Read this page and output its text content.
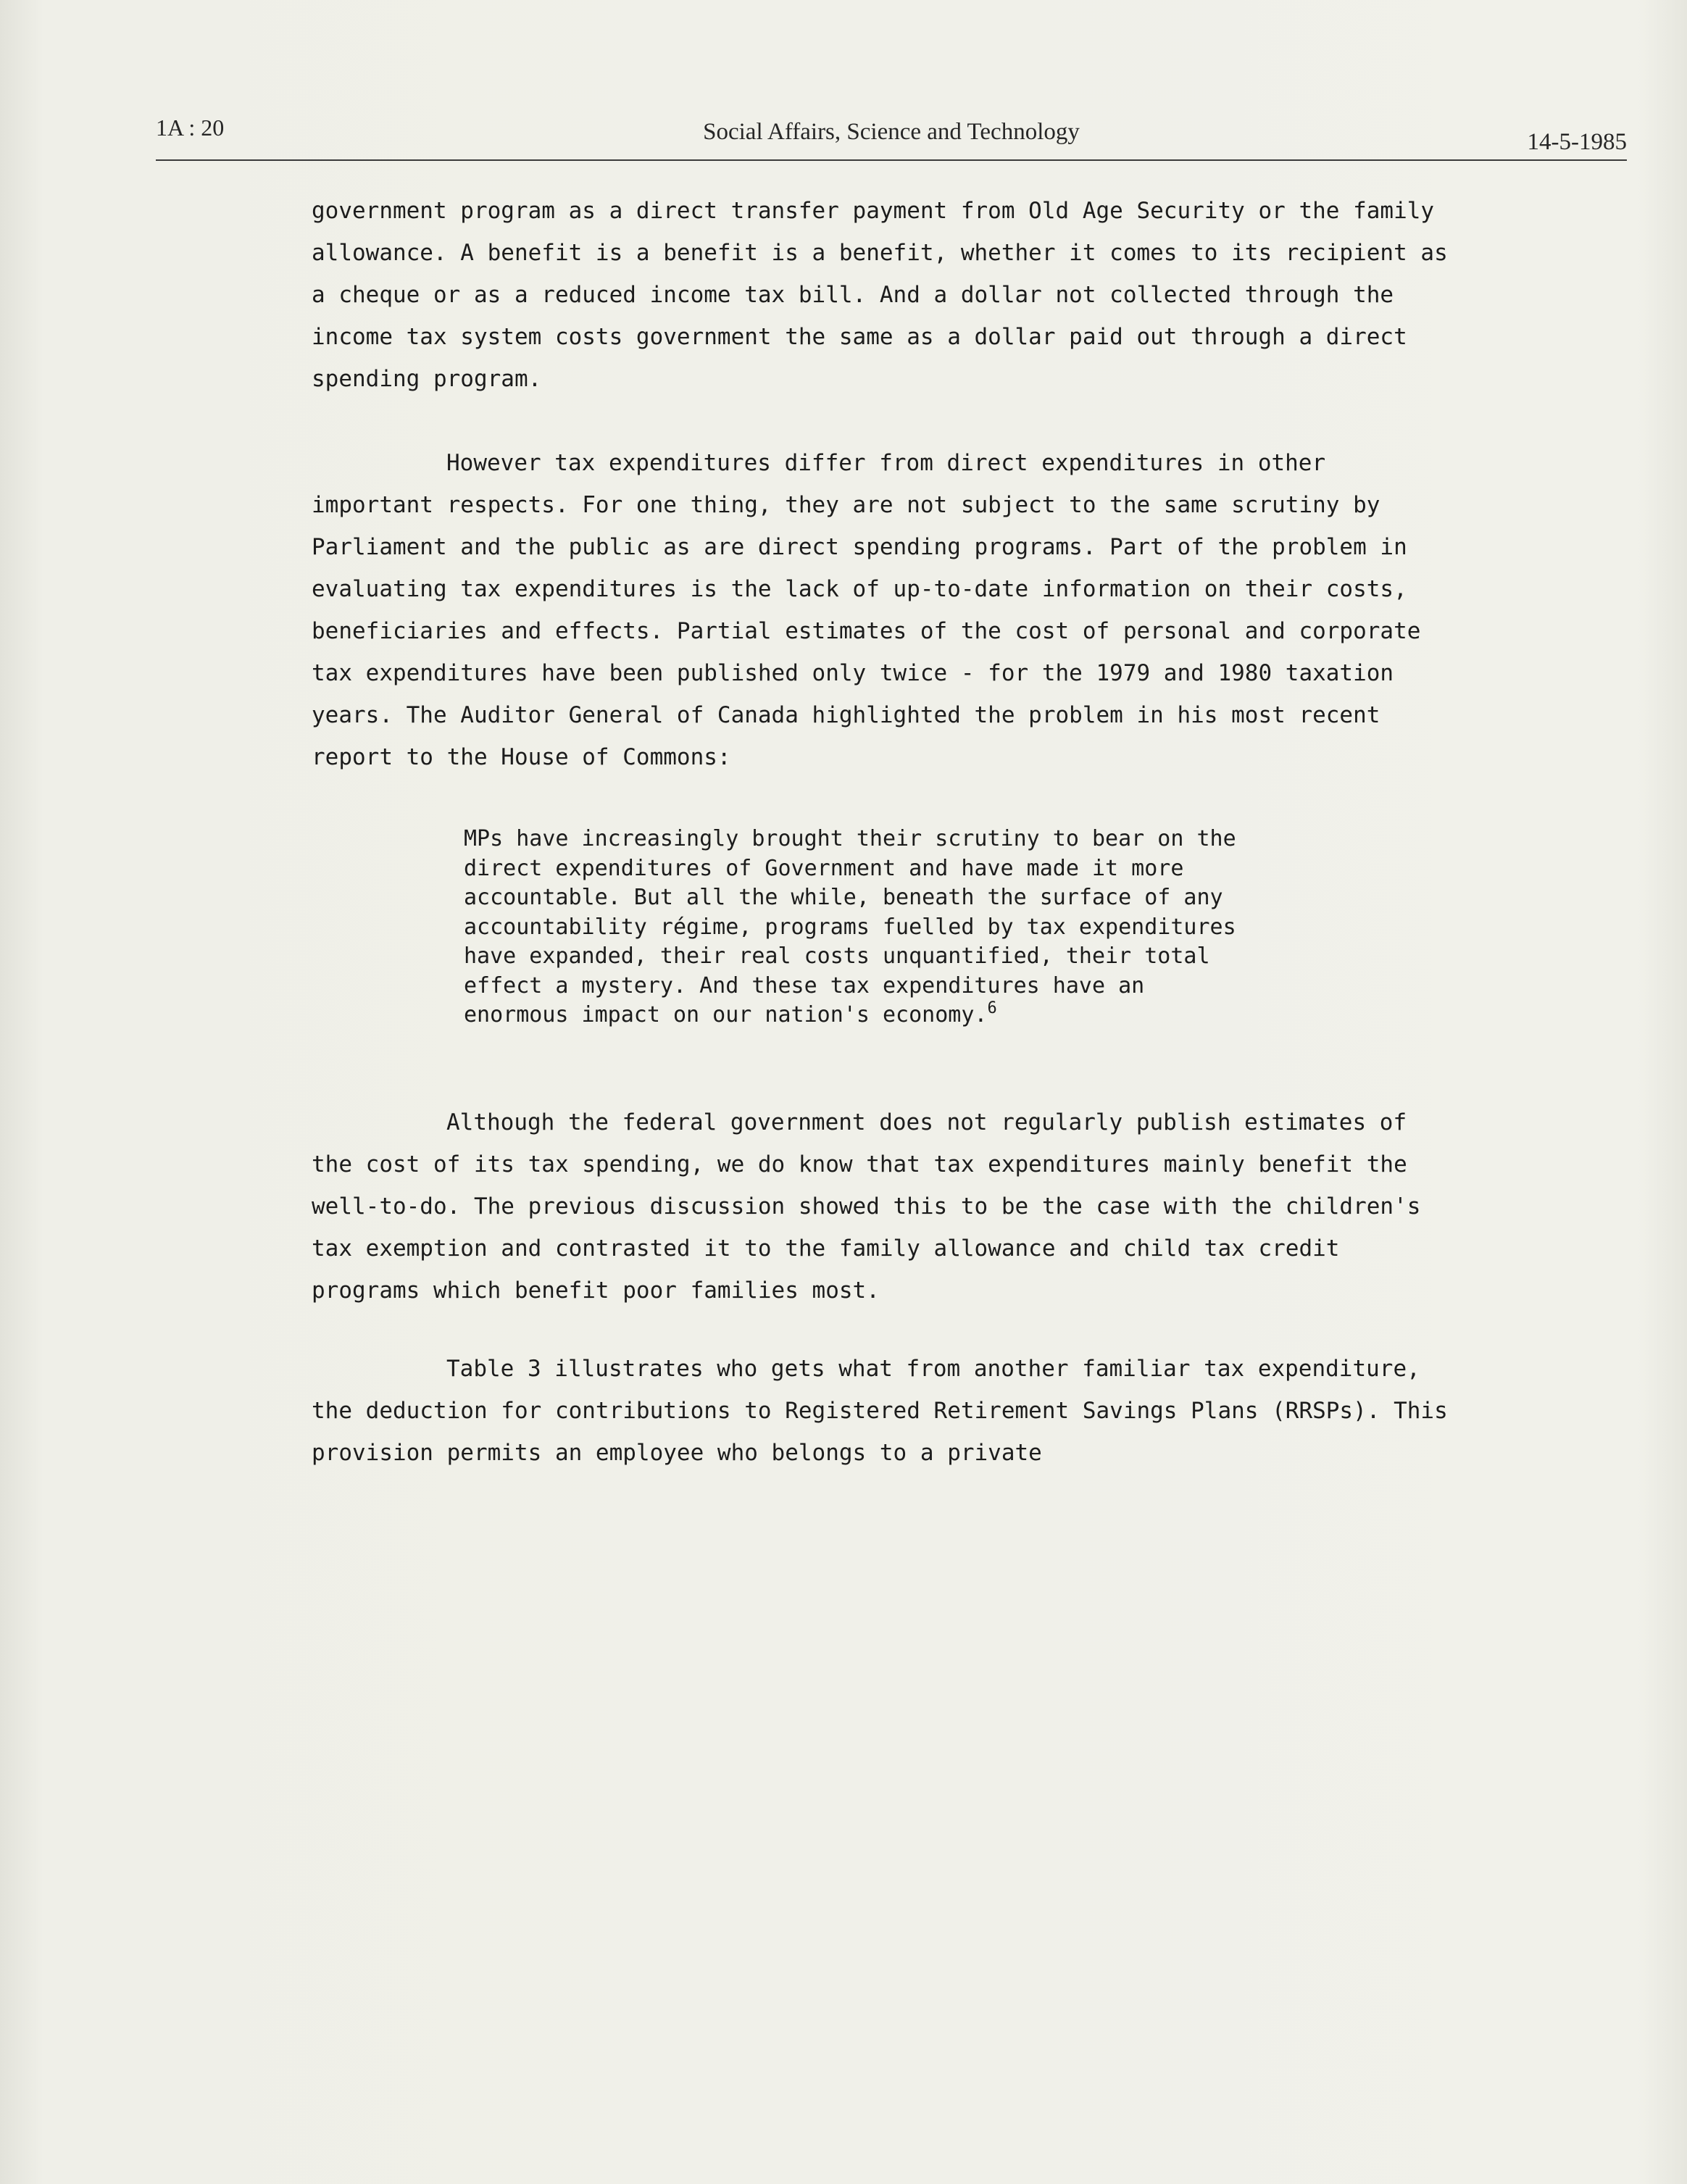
1A : 20	Social Affairs, Science and Technology	14-5-1985

government program as a direct transfer payment from Old Age Security or the family allowance. A benefit is a benefit is a benefit, whether it comes to its recipient as a cheque or as a reduced income tax bill. And a dollar not collected through the income tax system costs government the same as a dollar paid out through a direct spending program.

However tax expenditures differ from direct expenditures in other important respects. For one thing, they are not subject to the same scrutiny by Parliament and the public as are direct spending programs. Part of the problem in evaluating tax expenditures is the lack of up-to-date information on their costs, beneficiaries and effects. Partial estimates of the cost of personal and corporate tax expenditures have been published only twice - for the 1979 and 1980 taxation years. The Auditor General of Canada highlighted the problem in his most recent report to the House of Commons:

MPs have increasingly brought their scrutiny to bear on the direct expenditures of Government and have made it more accountable. But all the while, beneath the surface of any accountability régime, programs fuelled by tax expenditures have expanded, their real costs unquantified, their total effect a mystery. And these tax expenditures have an enormous impact on our nation's economy.$^6$

Although the federal government does not regularly publish estimates of the cost of its tax spending, we do know that tax expenditures mainly benefit the well-to-do. The previous discussion showed this to be the case with the children's tax exemption and contrasted it to the family allowance and child tax credit programs which benefit poor families most.

Table 3 illustrates who gets what from another familiar tax expenditure, the deduction for contributions to Registered Retirement Savings Plans (RRSPs). This provision permits an employee who belongs to a private
